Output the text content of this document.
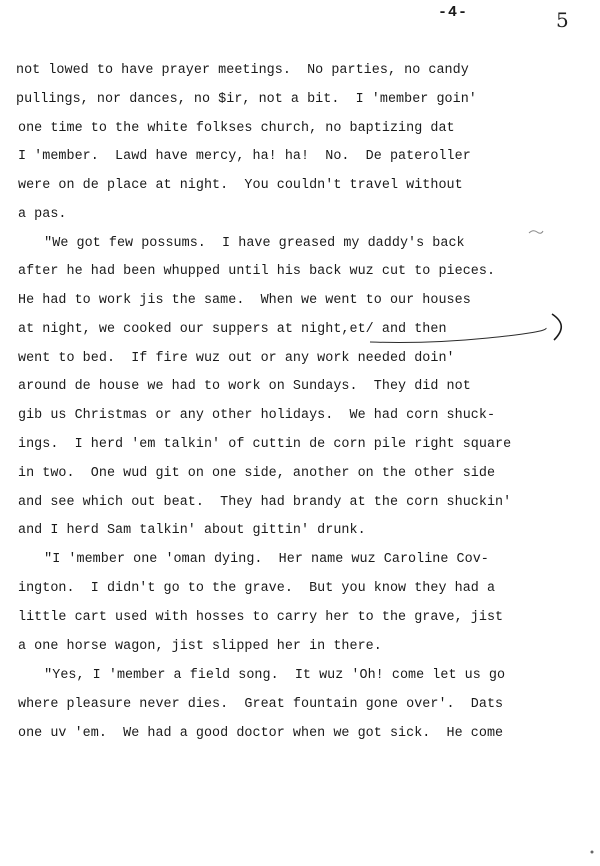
-4-	5
not lowed to have prayer meetings.  No parties, no candy
pullings, nor dances, no $ir, not a bit.  I 'member goin'
one time to the white folkses church, no baptizing dat
I 'member.  Lawd have mercy, ha! ha!  No.  De pateroller
were on de place at night.  You couldn't travel without
a pas.
"We got few possums.  I have greased my daddy's back
after he had been whupped until his back wuz cut to pieces.
He had to work jis the same.  When we went to our houses
at night, we cooked our suppers at night,et/ and then
went to bed.  If fire wuz out or any work needed doin'
around de house we had to work on Sundays.  They did not
gib us Christmas or any other holidays.  We had corn shuck-
ings.  I herd 'em talkin' of cuttin de corn pile right square
in two.  One wud git on one side, another on the other side
and see which out beat.  They had brandy at the corn shuckin'
and I herd Sam talkin' about gittin' drunk.
"I 'member one 'oman dying.  Her name wuz Caroline Cov-
ington.  I didn't go to the grave.  But you know they had a
little cart used with hosses to carry her to the grave, jist
a one horse wagon, jist slipped her in there.
"Yes, I 'member a field song.  It wuz 'Oh! come let us go
where pleasure never dies.  Great fountain gone over'.  Dats
one uv 'em.  We had a good doctor when we got sick.  He come
